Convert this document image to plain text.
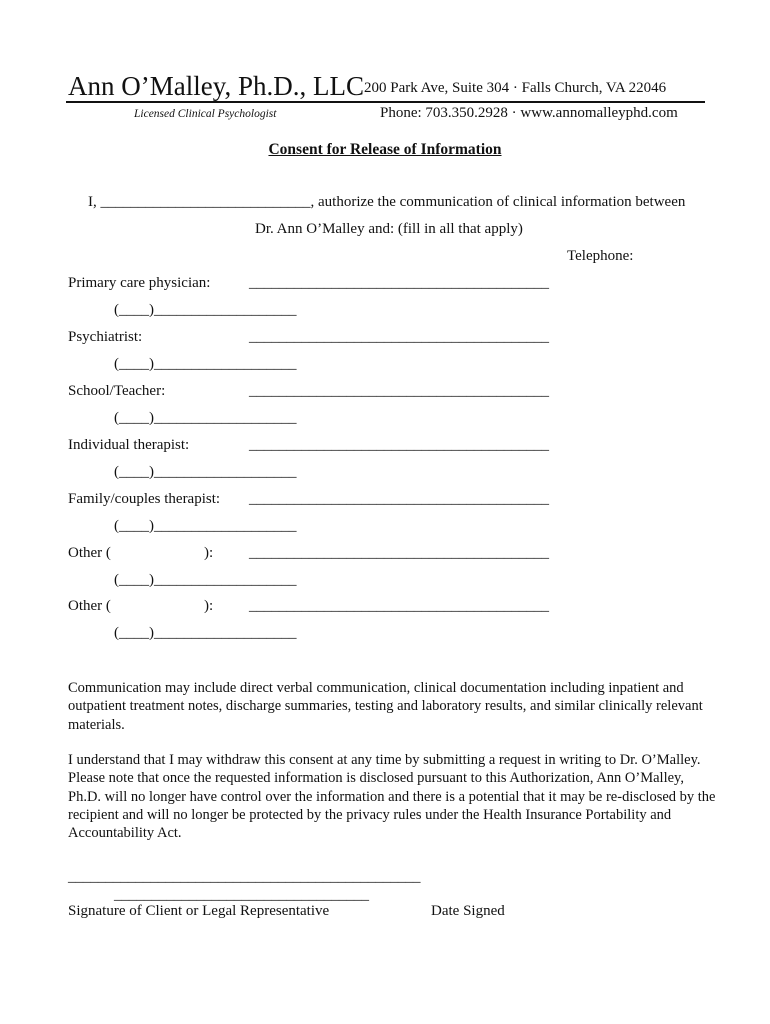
Ann O’Malley, Ph.D., LLC 200 Park Ave, Suite 304 · Falls Church, VA 22046
Licensed Clinical Psychologist	Phone: 703.350.2928 · www.annomalleyphd.com
Consent for Release of Information
I, ____________________________, authorize the communication of clinical information between
Dr. Ann O’Malley and: (fill in all that apply)
Telephone:
Primary care physician:	________________________________________
(____)___________________
Psychiatrist:	________________________________________
(____)___________________
School/Teacher:	________________________________________
(____)___________________
Individual therapist:	________________________________________
(____)___________________
Family/couples therapist: ________________________________________
(____)___________________
Other (	): ________________________________________
(____)___________________
Other (	): ________________________________________
(____)___________________
Communication may include direct verbal communication, clinical documentation including inpatient and outpatient treatment notes, discharge summaries, testing and laboratory results, and similar clinically relevant materials.
I understand that I may withdraw this consent at any time by submitting a request in writing to Dr. O’Malley. Please note that once the requested information is disclosed pursuant to this Authorization, Ann O’Malley, Ph.D. will no longer have control over the information and there is a potential that it may be re-disclosed by the recipient and will no longer be protected by the privacy rules under the Health Insurance Portability and Accountability Act.
_______________________________________________
__________________________________
Signature of Client or Legal Representative	Date Signed
